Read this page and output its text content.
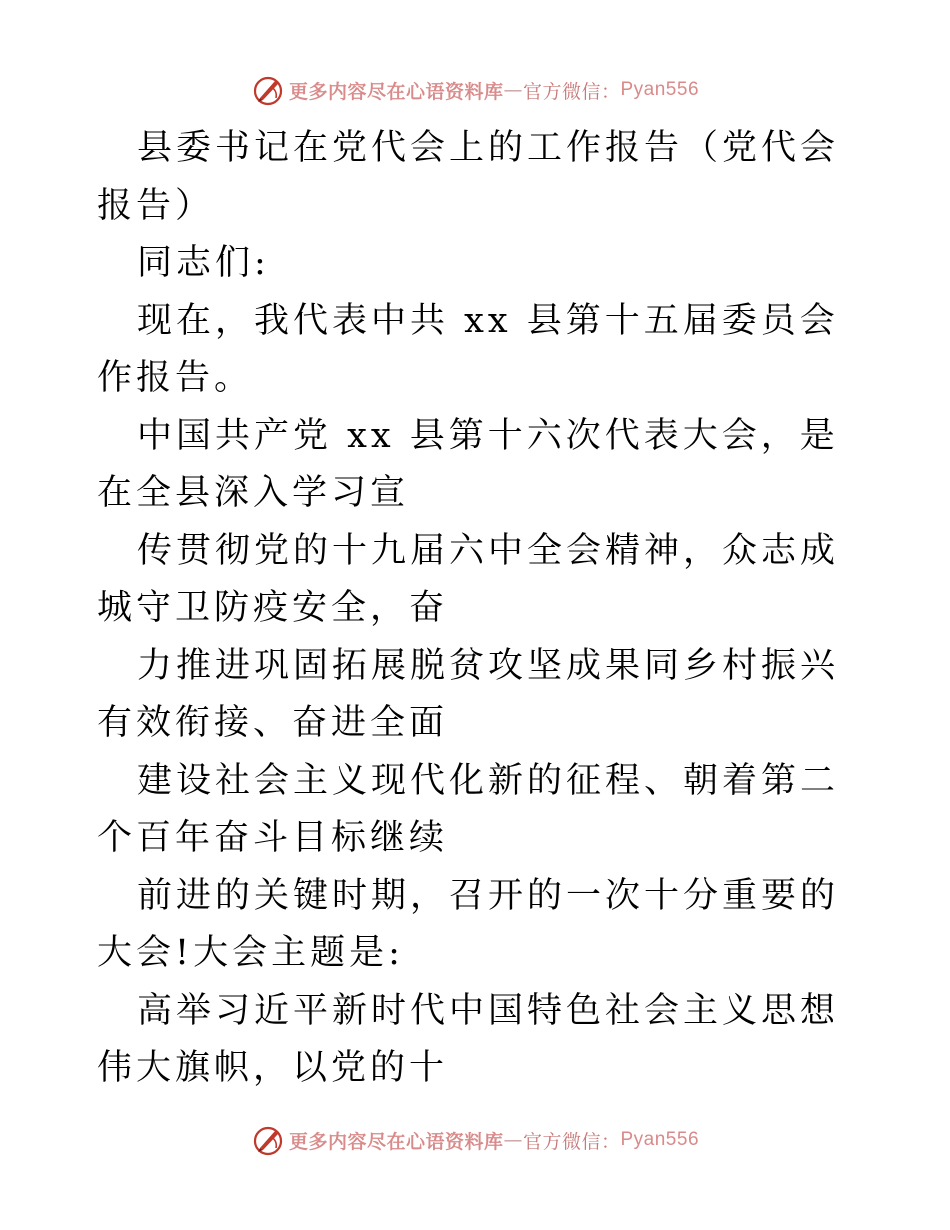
更多内容尽在心语资料库 — 官方微信： Pyan556

县委书记在党代会上的工作报告（党代会报告）

同志们:

现在，我代表中共 xx 县第十五届委员会作报告。

中国共产党 xx 县第十六次代表大会，是在全县深入学习宣

传贯彻党的十九届六中全会精神，众志成城守卫防疫安全，奋

力推进巩固拓展脱贫攻坚成果同乡村振兴有效衔接、奋进全面

建设社会主义现代化新的征程、朝着第二个百年奋斗目标继续

前进的关键时期，召开的一次十分重要的大会!大会主题是:

高举习近平新时代中国特色社会主义思想伟大旗帜，以党的十

更多内容尽在心语资料库 — 官方微信： Pyan556
